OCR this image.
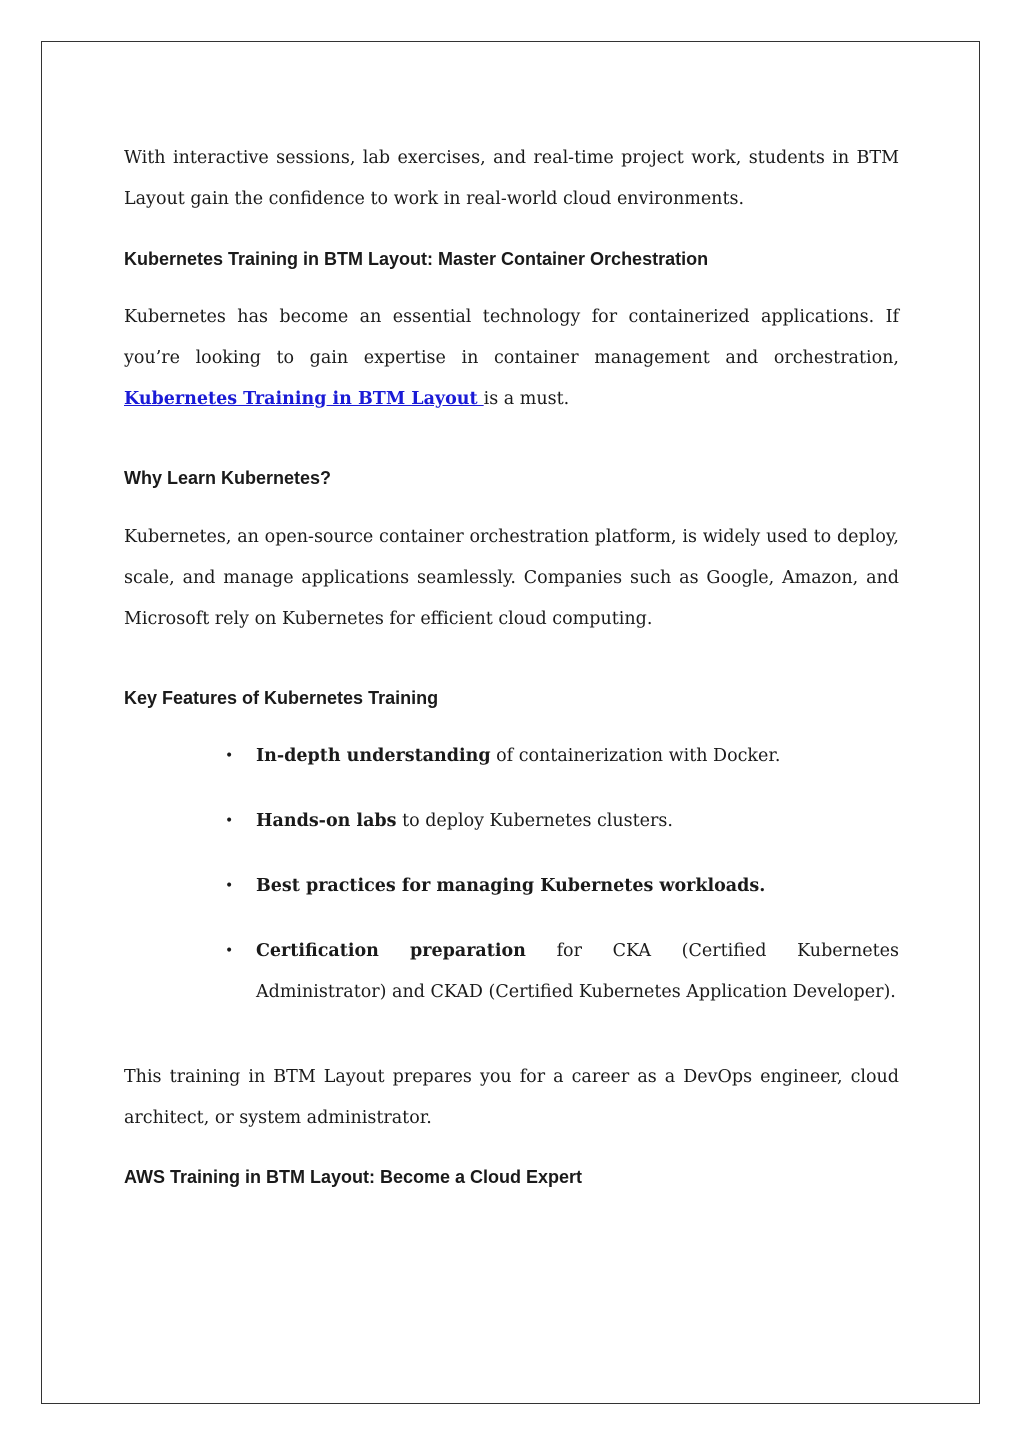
With interactive sessions, lab exercises, and real-time project work, students in BTM Layout gain the confidence to work in real-world cloud environments.

Kubernetes Training in BTM Layout: Master Container Orchestration

Kubernetes has become an essential technology for containerized applications. If you’re looking to gain expertise in container management and orchestration, Kubernetes Training in BTM Layout is a must.

Why Learn Kubernetes?

Kubernetes, an open-source container orchestration platform, is widely used to deploy, scale, and manage applications seamlessly. Companies such as Google, Amazon, and Microsoft rely on Kubernetes for efficient cloud computing.

Key Features of Kubernetes Training
• In-depth understanding of containerization with Docker.
• Hands-on labs to deploy Kubernetes clusters.
• Best practices for managing Kubernetes workloads.
• Certification preparation for CKA (Certified Kubernetes Administrator) and CKAD (Certified Kubernetes Application Developer).

This training in BTM Layout prepares you for a career as a DevOps engineer, cloud architect, or system administrator.

AWS Training in BTM Layout: Become a Cloud Expert
